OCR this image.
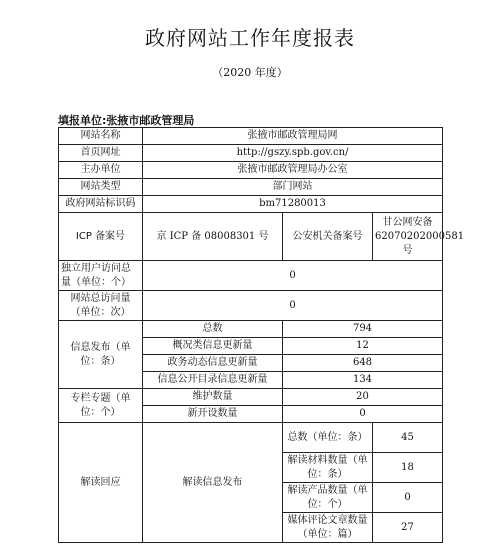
政府网站工作年度报表
（2020 年度）
填报单位:张掖市邮政管理局
网站名称	张掖市邮政管理局网		
首页网址	http://gszy.spb.gov.cn/		
主办单位	张掖市邮政管理局办公室		
网站类型	部门网站		
政府网站标识码	bm71280013		
ICP 备案号	京 ICP 备 08008301 号	公安机关备案号	甘公网安备62070202000581 号
独立用户访问总量（单位：个）	0		
网站总访问量（单位：次）	0		
信息发布（单位：条）	总数	794	
	概况类信息更新量	12	
	政务动态信息更新量	648	
	信息公开目录信息更新量	134	
专栏专题（单位：个）	维护数量	20	
	新开设数量	0	
解读回应	解读信息发布	总数（单位：条）	45
		解读材料数量（单位：条）	18
		解读产品数量（单位：个）	0
		媒体评论文章数量（单位：篇）	27
